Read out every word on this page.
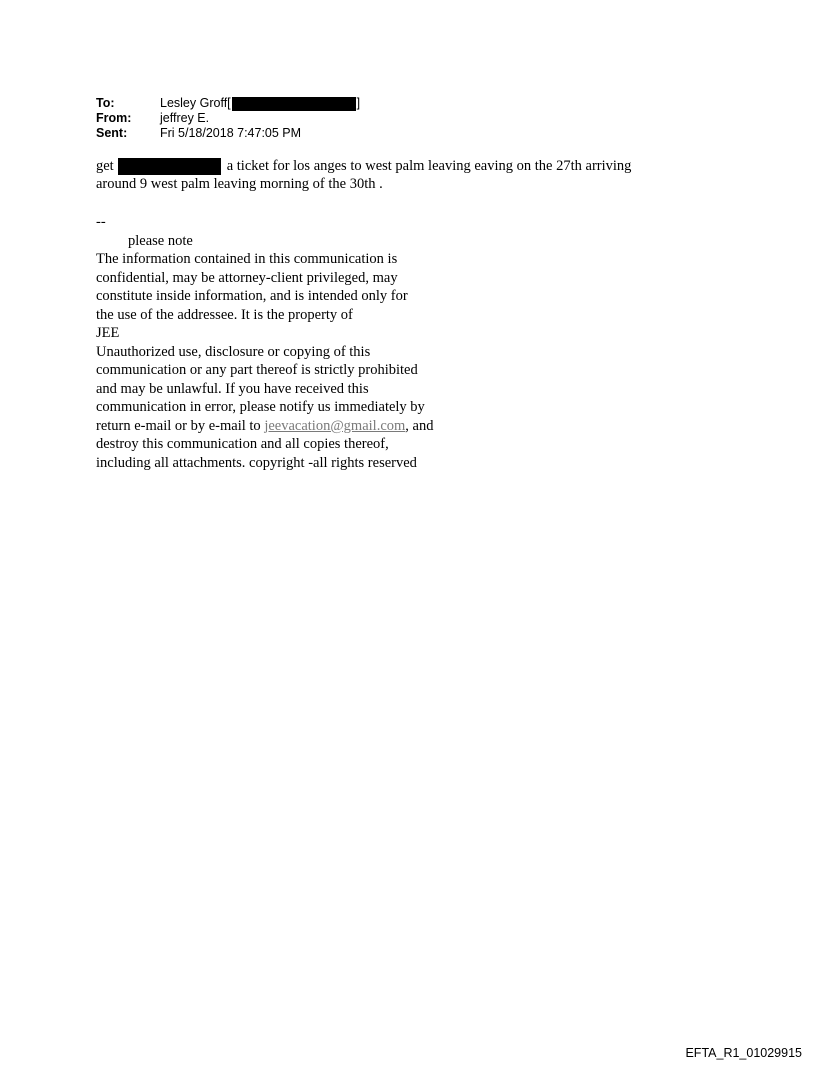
To:	Lesley Groff[	]
From:	jeffrey E.
Sent:	Fri 5/18/2018 7:47:05 PM
get	a ticket for los anges to west palm leaving eaving on the 27th arriving
around 9 west palm leaving morning of the 30th .
--
please note
The information contained in this communication is
confidential, may be attorney-client privileged, may
constitute inside information, and is intended only for
the use of the addressee. It is the property of
JEE
Unauthorized use, disclosure or copying of this
communication or any part thereof is strictly prohibited
and may be unlawful. If you have received this
communication in error, please notify us immediately by
return e-mail or by e-mail to jeevacation@gmail.com, and
destroy this communication and all copies thereof,
including all attachments. copyright -all rights reserved
EFTA_R1_01029915
